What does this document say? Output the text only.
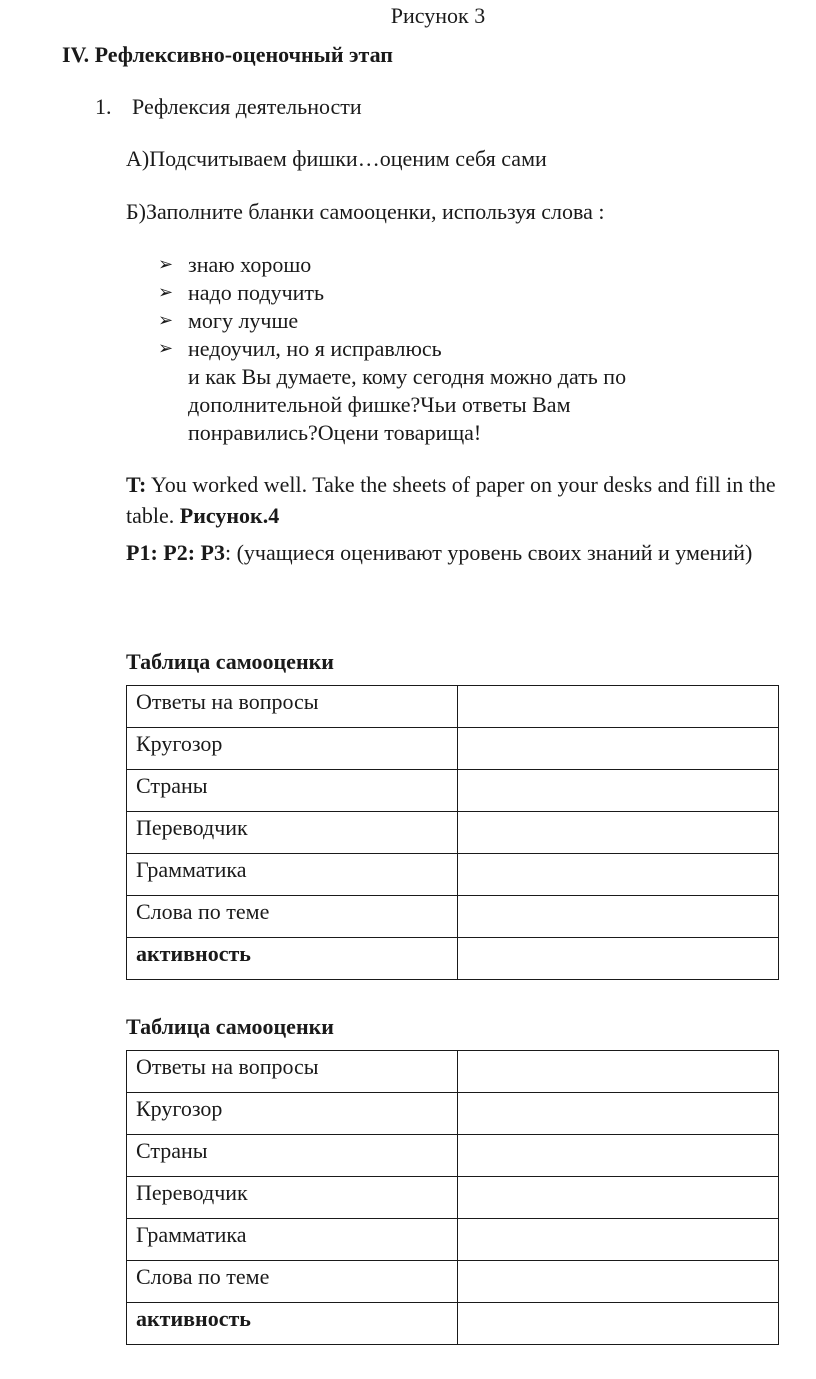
Рисунок 3
IV. Рефлексивно-оценочный этап
1. Рефлексия деятельности
А)Подсчитываем фишки…оценим себя сами
Б)Заполните бланки самооценки, используя слова :
➢ знаю хорошо
➢ надо подучить
➢ могу лучше
➢ недоучил, но я исправлюсь
и как Вы думаете, кому сегодня можно дать по
дополнительной фишке?Чьи ответы Вам
понравились?Оцени товарища!
T: You worked well. Take the sheets of paper on your desks and fill in the table. Рисунок.4
P1: P2: P3: (учащиеся оценивают уровень своих знаний и умений)
Таблица самооценки
Ответы на вопросы	
Кругозор	
Страны	
Переводчик	
Грамматика	
Слова по теме	
активность	
Таблица самооценки
Ответы на вопросы	
Кругозор	
Страны	
Переводчик	
Грамматика	
Слова по теме	
активность	
